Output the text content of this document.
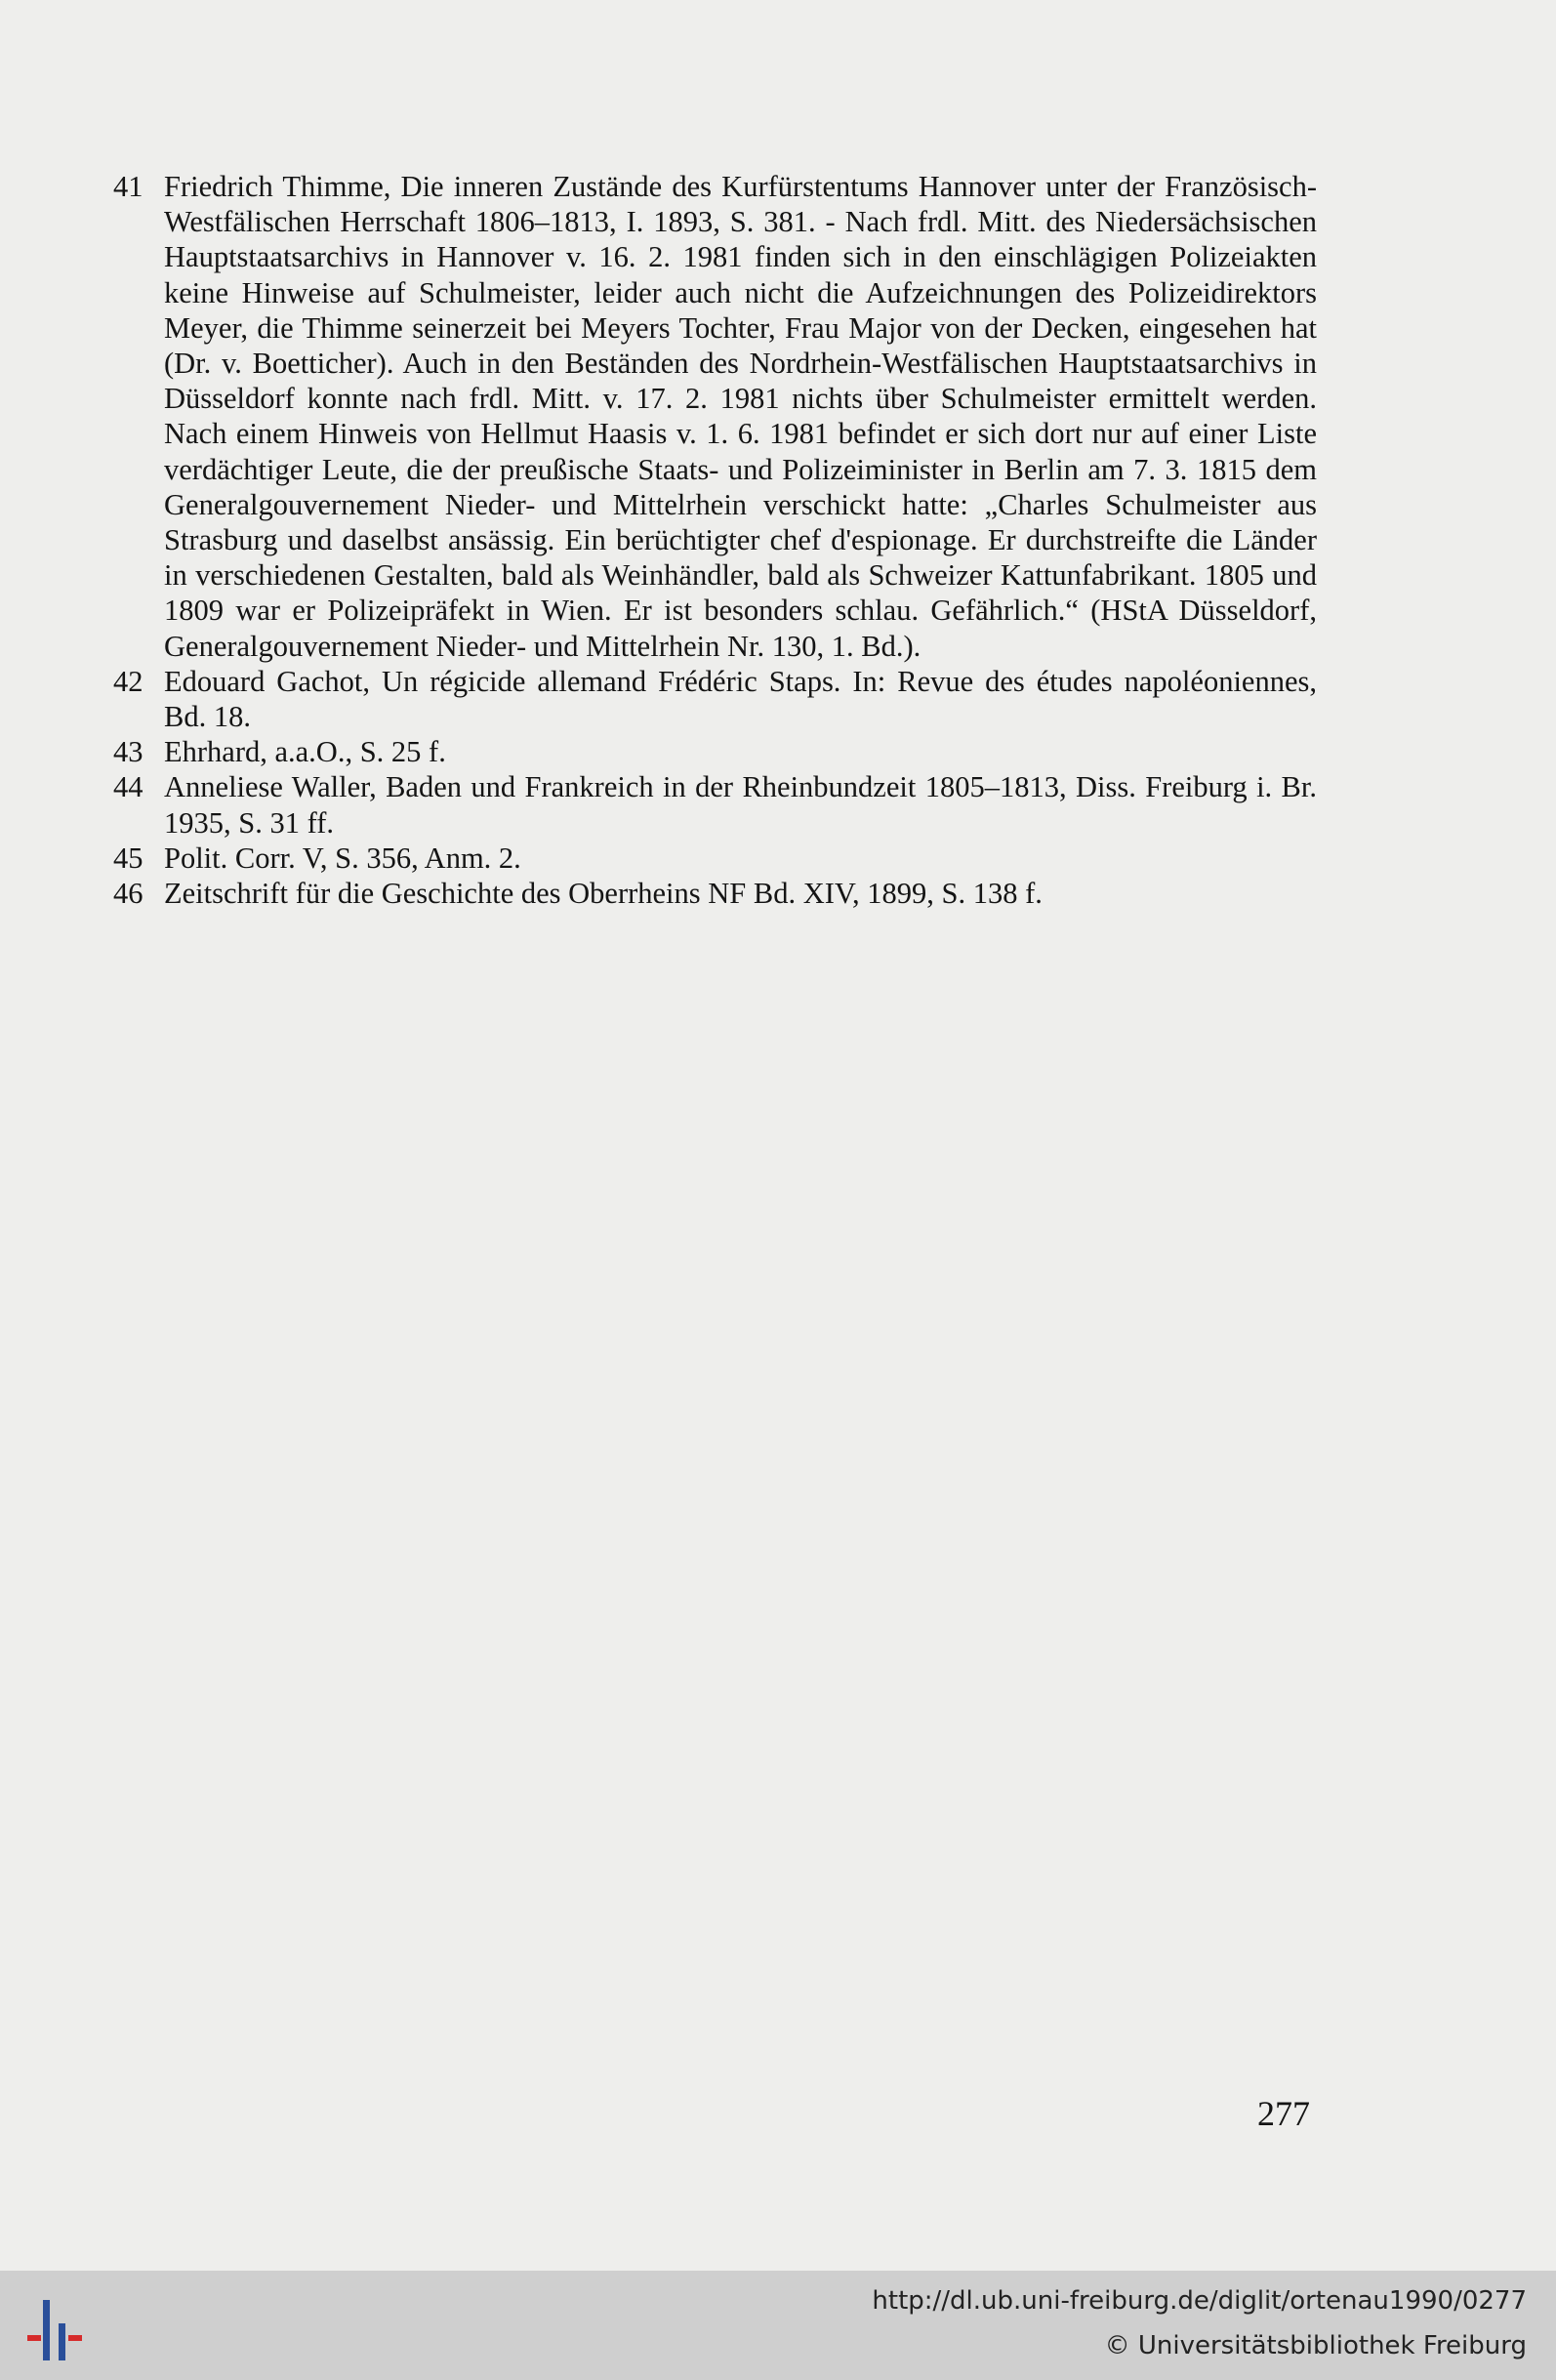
41 Friedrich Thimme, Die inneren Zustände des Kurfürstentums Hannover unter der Französisch-Westfälischen Herrschaft 1806–1813, I. 1893, S. 381. - Nach frdl. Mitt. des Niedersächsischen Hauptstaatsarchivs in Hannover v. 16. 2. 1981 finden sich in den einschlägigen Polizeiakten keine Hinweise auf Schulmeister, leider auch nicht die Aufzeichnungen des Polizeidirektors Meyer, die Thimme seinerzeit bei Meyers Tochter, Frau Major von der Decken, eingesehen hat (Dr. v. Boetticher). Auch in den Beständen des Nordrhein-Westfälischen Hauptstaatsarchivs in Düsseldorf konnte nach frdl. Mitt. v. 17. 2. 1981 nichts über Schulmeister ermittelt werden. Nach einem Hinweis von Hellmut Haasis v. 1. 6. 1981 befindet er sich dort nur auf einer Liste verdächtiger Leute, die der preußische Staats- und Polizeiminister in Berlin am 7. 3. 1815 dem Generalgouvernement Nieder- und Mittelrhein verschickt hatte: „Charles Schulmeister aus Strasburg und daselbst ansässig. Ein berüchtigter chef d'espionage. Er durchstreifte die Länder in verschiedenen Gestalten, bald als Weinhändler, bald als Schweizer Kattunfabrikant. 1805 und 1809 war er Polizeipräfekt in Wien. Er ist besonders schlau. Gefährlich.“ (HStA Düsseldorf, Generalgouvernement Nieder- und Mittelrhein Nr. 130, 1. Bd.).
42 Edouard Gachot, Un régicide allemand Frédéric Staps. In: Revue des études napoléoniennes, Bd. 18.
43 Ehrhard, a.a.O., S. 25 f.
44 Anneliese Waller, Baden und Frankreich in der Rheinbundzeit 1805–1813, Diss. Freiburg i. Br. 1935, S. 31 ff.
45 Polit. Corr. V, S. 356, Anm. 2.
46 Zeitschrift für die Geschichte des Oberrheins NF Bd. XIV, 1899, S. 138 f.
277
http://dl.ub.uni-freiburg.de/diglit/ortenau1990/0277
© Universitätsbibliothek Freiburg
